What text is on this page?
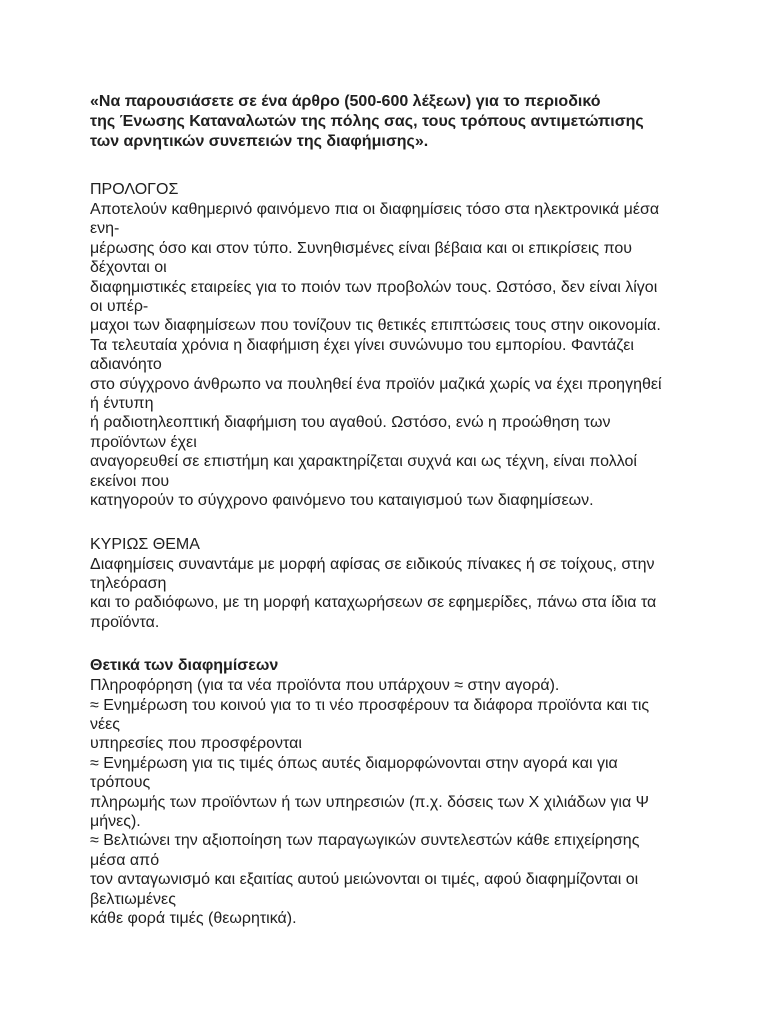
«Να παρουσιάσετε σε ένα άρθρο (500-600 λέξεων) για το περιοδικό
της Ένωσης Καταναλωτών της πόλης σας, τους τρόπους αντιμετώπισης
των αρνητικών συνεπειών της διαφήμισης».

ΠΡΟΛΟΓΟΣ

Αποτελούν καθημερινό φαινόμενο πια οι διαφημίσεις τόσο στα ηλεκτρονικά μέσα
ενη-
μέρωσης όσο και στον τύπο. Συνηθισμένες είναι βέβαια και οι επικρίσεις που
δέχονται οι
διαφημιστικές εταιρείες για το ποιόν των προβολών τους. Ωστόσο, δεν είναι λίγοι
οι υπέρ-
μαχοι των διαφημίσεων που τονίζουν τις θετικές επιπτώσεις τους στην οικονομία.
Τα τελευταία χρόνια η διαφήμιση έχει γίνει συνώνυμο του εμπορίου. Φαντάζει
αδιανόητο
στο σύγχρονο άνθρωπο να πουληθεί ένα προϊόν μαζικά χωρίς να έχει προηγηθεί
ή έντυπη
ή ραδιοτηλεοπτική διαφήμιση του αγαθού. Ωστόσο, ενώ η προώθηση των
προϊόντων έχει
αναγορευθεί σε επιστήμη και χαρακτηρίζεται συχνά και ως τέχνη, είναι πολλοί
εκείνοι που
κατηγορούν το σύγχρονο φαινόμενο του καταιγισμού των διαφημίσεων.

ΚΥΡΙΩΣ ΘΕΜΑ

Διαφημίσεις συναντάμε με μορφή αφίσας σε ειδικούς πίνακες ή σε τοίχους, στην
τηλεόραση
και το ραδιόφωνο, με τη μορφή καταχωρήσεων σε εφημερίδες, πάνω στα ίδια τα
προϊόντα.

Θετικά των διαφημίσεων

Πληροφόρηση (για τα νέα προϊόντα που υπάρχουν ≈ στην αγορά).
≈ Ενημέρωση του κοινού για το τι νέο προσφέρουν τα διάφορα προϊόντα και τις
νέες
υπηρεσίες που προσφέρονται
≈ Ενημέρωση για τις τιμές όπως αυτές διαμορφώνονται στην αγορά και για
τρόπους
πληρωμής των προϊόντων ή των υπηρεσιών (π.χ. δόσεις των Χ χιλιάδων για Ψ
μήνες).
≈ Βελτιώνει την αξιοποίηση των παραγωγικών συντελεστών κάθε επιχείρησης
μέσα από
τον ανταγωνισμό και εξαιτίας αυτού μειώνονται οι τιμές, αφού διαφημίζονται οι
βελτιωμένες
κάθε φορά τιμές (θεωρητικά).
